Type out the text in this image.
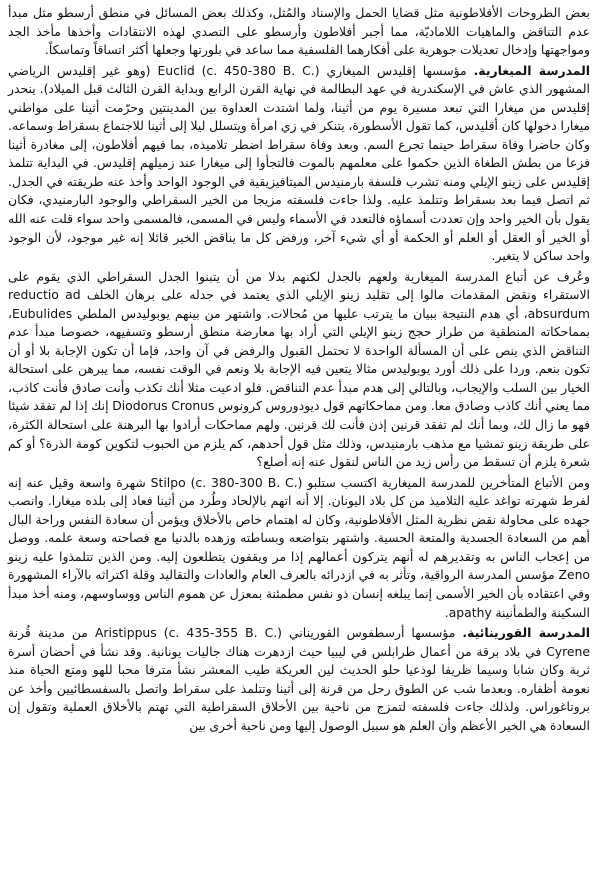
بعض الطروحات الأفلاطونية مثل قضايا الحمل والإسناد والمُثل، وكذلك بعض المسائل في منطق أرسطو مثل مبدأ عدم التناقض والماهيات اللاماديّة، مما أجبر أفلاطون وأرسطو على التصدي لهذه الانتقادات وأخذها مأخذ الجد ومواجهتها وإدخال تعديلات جوهرية على أفكارهما الفلسفية مما ساعد في بلورتها وجعلها أكثر اتساقاً وتماسكاً.

المدرسة الميغارية. مؤسسها إقليدس الميغاري Euclid (c. 450-380 B. C.) (وهو غير إقليدس الرياضي المشهور الذي عاش في الإسكندرية في عهد البطالمة في نهاية القرن الرابع وبداية القرن الثالث قبل الميلاد). ينحدر إقليدس من ميغارا التي تبعد مسيرة يوم من أثينا، ولما اشتدت العداوة بين المدينتين وحرّمت أثينا على مواطني ميغارا دخولها كان أقليدس، كما تقول الأسطورة، يتنكر في زي امرأة ويتسلل ليلا إلى أثينا للاجتماع بسقراط وسماعه. وكان حاضرا وفاة سقراط حينما تجرع السم. وبعد وفاة سقراط اضطر تلاميذه، بما فيهم أفلاطون، إلى مغادرة أثينا فزعا من بطش الطغاة الذين حكموا على معلمهم بالموت فالتجأوا إلى ميغارا عند زميلهم إقليدس. في البداية تتلمذ إقليدس على زينو الإيلي ومنه تشرب فلسفة بارمنيدس الميتافيزيقية في الوجود الواحد وأخذ عنه طريقته في الجدل. ثم اتصل فيما بعد بسقراط وتتلمذ عليه. ولذا جاءت فلسفته مزيجا من الخير السقراطي والوجود البارمنيدي، فكان يقول بأن الخير واحد وإن تعددت أسماؤه فالتعدد في الأسماء وليس في المسمى، فالمسمى واحد سواء قلت عنه الله أو الخير أو العقل أو العلم أو الحكمة أو أي شيء آخر، ورفض كل ما يناقض الخير قائلا إنه غير موجود، لأن الوجود واحد ساكن لا يتغير.

وعُرف عن أتباع المدرسة الميغارية ولعهم بالجدل لكنهم بدلا من أن يتبنوا الجدل السقراطي الذي يقوم على الاستقراء ونقض المقدمات مالوا إلى تقليد زينو الإيلي الذي يعتمد في جدله على برهان الخلف reductio ad absurdum، أي هدم النتيجة ببيان ما يترتب عليها من مُحالات. واشتهر من بينهم يوبوليدس الملطي Eubulides، بمماحكاته المنطقية من طراز حجج زينو الإيلي التي أراد بها معارضة منطق أرسطو وتسفيهه، خصوصا مبدأ عدم التناقض الذي ينص على أن المسألة الواحدة لا تحتمل القبول والرفض في آن واحد، فإما أن تكون الإجابة بلا أو أن تكون بنعم. وردا على ذلك أورد يوبوليدس مثالا يتعين فيه الإجابة بلا ونعم في الوقت نفسه، مما يبرهن على استحالة الخيار بين السلب والإيجاب، وبالتالي إلى هدم مبدأ عدم التناقض. فلو ادعيت مثلا أنك تكذب وأنت صادق فأنت كاذب، مما يعني أنك كاذب وصادق معا. ومن مماحكاتهم قول ديودوروس كرونوس Diodorus Cronus إنك إذا لم تفقد شيئا فهو ما زال لك، وبما أنك لم تفقد قرنين إذن فأنت لك قرنين. ولهم مماحكات أرادوا بها البرهنة على استحالة الكثرة، على طريقة زينو تمشيا مع مذهب بارمنيدس، وذلك مثل قول أحدهم، كم يلزم من الحبوب لتكوين كومة الذرة؟ أو كم شعرة يلزم أن تسقط من رأس زيد من الناس لنقول عنه إنه أصلع؟

ومن الأتباع المتأخرين للمدرسة الميغارية اكتسب ستلبو Stilpo (c. 380-300 B. C.) شهرة واسعة وقيل عنه إنه لفرط شهرته تواغد عليه التلاميذ من كل بلاد اليونان. إلا أنه اتهم بالإلحاد وطُرد من أثينا فعاد إلى بلده ميغارا. وانصب جهده على محاولة نقض نظرية المثل الأفلاطونية، وكان له اهتمام خاص بالأخلاق ويؤمن أن سعادة النفس وراحة البال أهم من السعادة الجسدية والمتعة الحسية. واشتهر بتواضعه وبساطته وزهده بالدنيا مع فصاحته وسعة علمه. ووصل من إعجاب الناس به وتقديرهم له أنهم يتركون أعمالهم إذا مر ويقفون يتطلعون إليه. ومن الذين تتلمذوا عليه زينو Zeno مؤسس المدرسة الرواقية، وتأثر به في ازدرائه بالعرف العام والعادات والتقاليد وقلة اكتراثه بالآراء المشهورة وفي اعتقاده بأن الخير الأسمى إنما يبلغه إنسان ذو نفس مطمئنة بمعزل عن هموم الناس ووساوسهم، ومنه أخذ مبدأ السكينة والطمأنينة apathy.

المدرسة القورينائية. مؤسسها أرسطفوس القوريناني Aristippus (c. 435-355 B. C.) من مدينة قُرنة Cyrene في بلاد برقة من أعمال طرابلس في ليبيا حيث ازدهرت هناك جاليات يونانية. وقد نشأ في أحضان أسرة ثرية وكان شابا وسيما ظريفا لوذعيا حلو الحديث لين العريكة طيب المعشر نشأ مترفا محبا للهو ومتع الحياة منذ نعومة أظفاره. وبعدما شب عن الطوق رحل من قرنة إلى أثينا وتتلمذ على سقراط واتصل بالسفسطائيين وأخذ عن بروتاغوراس. ولذلك جاءت فلسفته لتمزج من ناحية بين الأخلاق السقراطية التي تهتم بالأخلاق العملية وتقول إن السعادة هي الخير الأعظم وأن العلم هو سبيل الوصول إليها ومن ناحية أخرى بين
